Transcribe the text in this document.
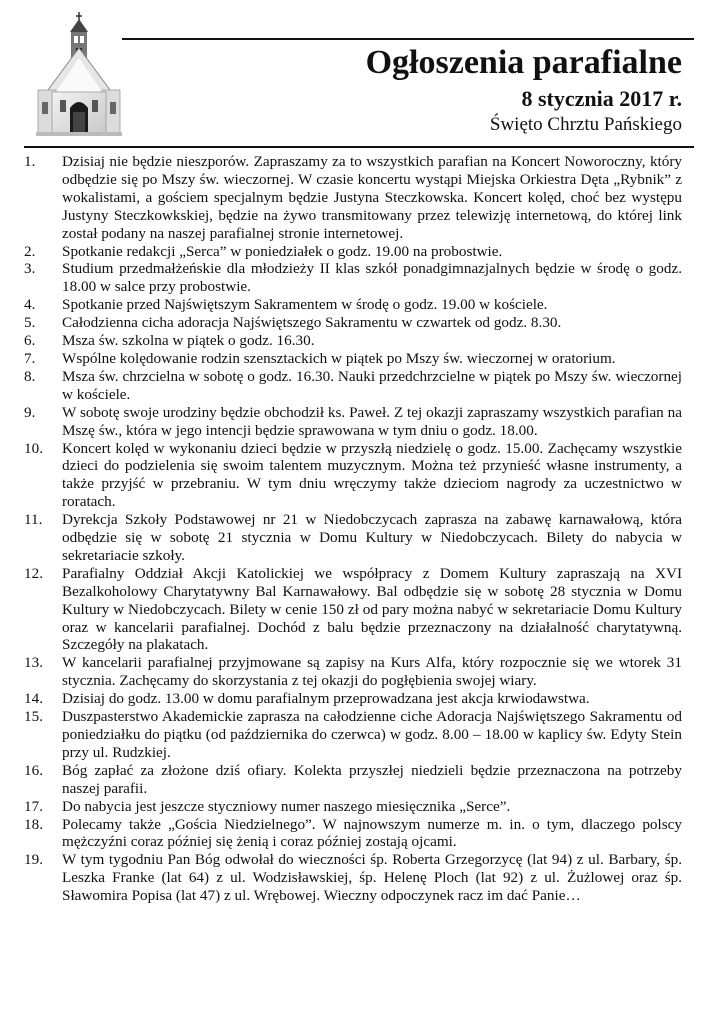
Ogłoszenia parafialne
8 stycznia 2017 r.
Święto Chrztu Pańskiego
1.	Dzisiaj nie będzie nieszporów. Zapraszamy za to wszystkich parafian na Koncert Noworoczny, który odbędzie się po Mszy św. wieczornej. W czasie koncertu wystąpi Miejska Orkiestra Dęta „Rybnik” z wokalistami, a gościem specjalnym będzie Justyna Steczkowska. Koncert kolęd, choć bez występu Justyny Steczkowkskiej, będzie na żywo transmitowany przez telewizję internetową, do której link został podany na naszej parafialnej stronie internetowej.
2.	Spotkanie redakcji „Serca” w poniedziałek o godz. 19.00 na probostwie.
3.	Studium przedmałżeńskie dla młodzieży II klas szkół ponadgimnazjalnych będzie w środę o godz. 18.00 w salce przy probostwie.
4.	Spotkanie przed Najświętszym Sakramentem w środę o godz. 19.00 w kościele.
5.	Całodzienna cicha adoracja Najświętszego Sakramentu w czwartek od godz. 8.30.
6.	Msza św. szkolna w piątek o godz. 16.30.
7.	Wspólne kolędowanie rodzin szensztackich w piątek po Mszy św. wieczornej w oratorium.
8.	Msza św. chrzcielna w sobotę o godz. 16.30. Nauki przedchrzcielne w piątek po Mszy św. wieczornej w kościele.
9.	W sobotę swoje urodziny będzie obchodził ks. Paweł. Z tej okazji zapraszamy wszystkich parafian na Mszę św., która w jego intencji będzie sprawowana w tym dniu o godz. 18.00.
10.	Koncert kolęd w wykonaniu dzieci będzie w przyszłą niedzielę o godz. 15.00. Zachęcamy wszystkie dzieci do podzielenia się swoim talentem muzycznym. Można też przynieść własne instrumenty, a także przyjść w przebraniu. W tym dniu wręczymy także dzieciom nagrody za uczestnictwo w roratach.
11.	Dyrekcja Szkoły Podstawowej nr 21 w Niedobczycach zaprasza na zabawę karnawałową, która odbędzie się w sobotę 21 stycznia w Domu Kultury w Niedobczycach. Bilety do nabycia w sekretariacie szkoły.
12.	Parafialny Oddział Akcji Katolickiej we współpracy z Domem Kultury zapraszają na XVI Bezalkoholowy Charytatywny Bal Karnawałowy. Bal odbędzie się w sobotę 28 stycznia w Domu Kultury w Niedobczycach. Bilety w cenie 150 zł od pary można nabyć w sekretariacie Domu Kultury oraz w kancelarii parafialnej. Dochód z balu będzie przeznaczony na działalność charytatywną. Szczegóły na plakatach.
13.	W kancelarii parafialnej przyjmowane są zapisy na Kurs Alfa, który rozpocznie się we wtorek 31 stycznia. Zachęcamy do skorzystania z tej okazji do pogłębienia swojej wiary.
14.	Dzisiaj do godz. 13.00 w domu parafialnym przeprowadzana jest akcja krwiodawstwa.
15.	Duszpasterstwo Akademickie zaprasza na całodzienne ciche Adoracja Najświętszego Sakramentu od poniedziałku do piątku (od października do czerwca) w godz. 8.00 – 18.00 w kaplicy św. Edyty Stein przy ul. Rudzkiej.
16.	Bóg zapłać za złożone dziś ofiary. Kolekta przyszłej niedzieli będzie przeznaczona na potrzeby naszej parafii.
17.	Do nabycia jest jeszcze styczniowy numer naszego miesięcznika „Serce”.
18.	Polecamy także „Gościa Niedzielnego”. W najnowszym numerze m. in. o tym, dlaczego polscy mężczyźni coraz później się żenią i coraz później zostają ojcami.
19.	W tym tygodniu Pan Bóg odwołał do wieczności śp. Roberta Grzegorzycę (lat 94) z ul. Barbary, śp. Leszka Franke (lat 64) z ul. Wodzisławskiej, śp. Helenę Ploch (lat 92) z ul. Żużlowej oraz śp. Sławomira Popisa (lat 47) z ul. Wrębowej. Wieczny odpoczynek racz im dać Panie…
